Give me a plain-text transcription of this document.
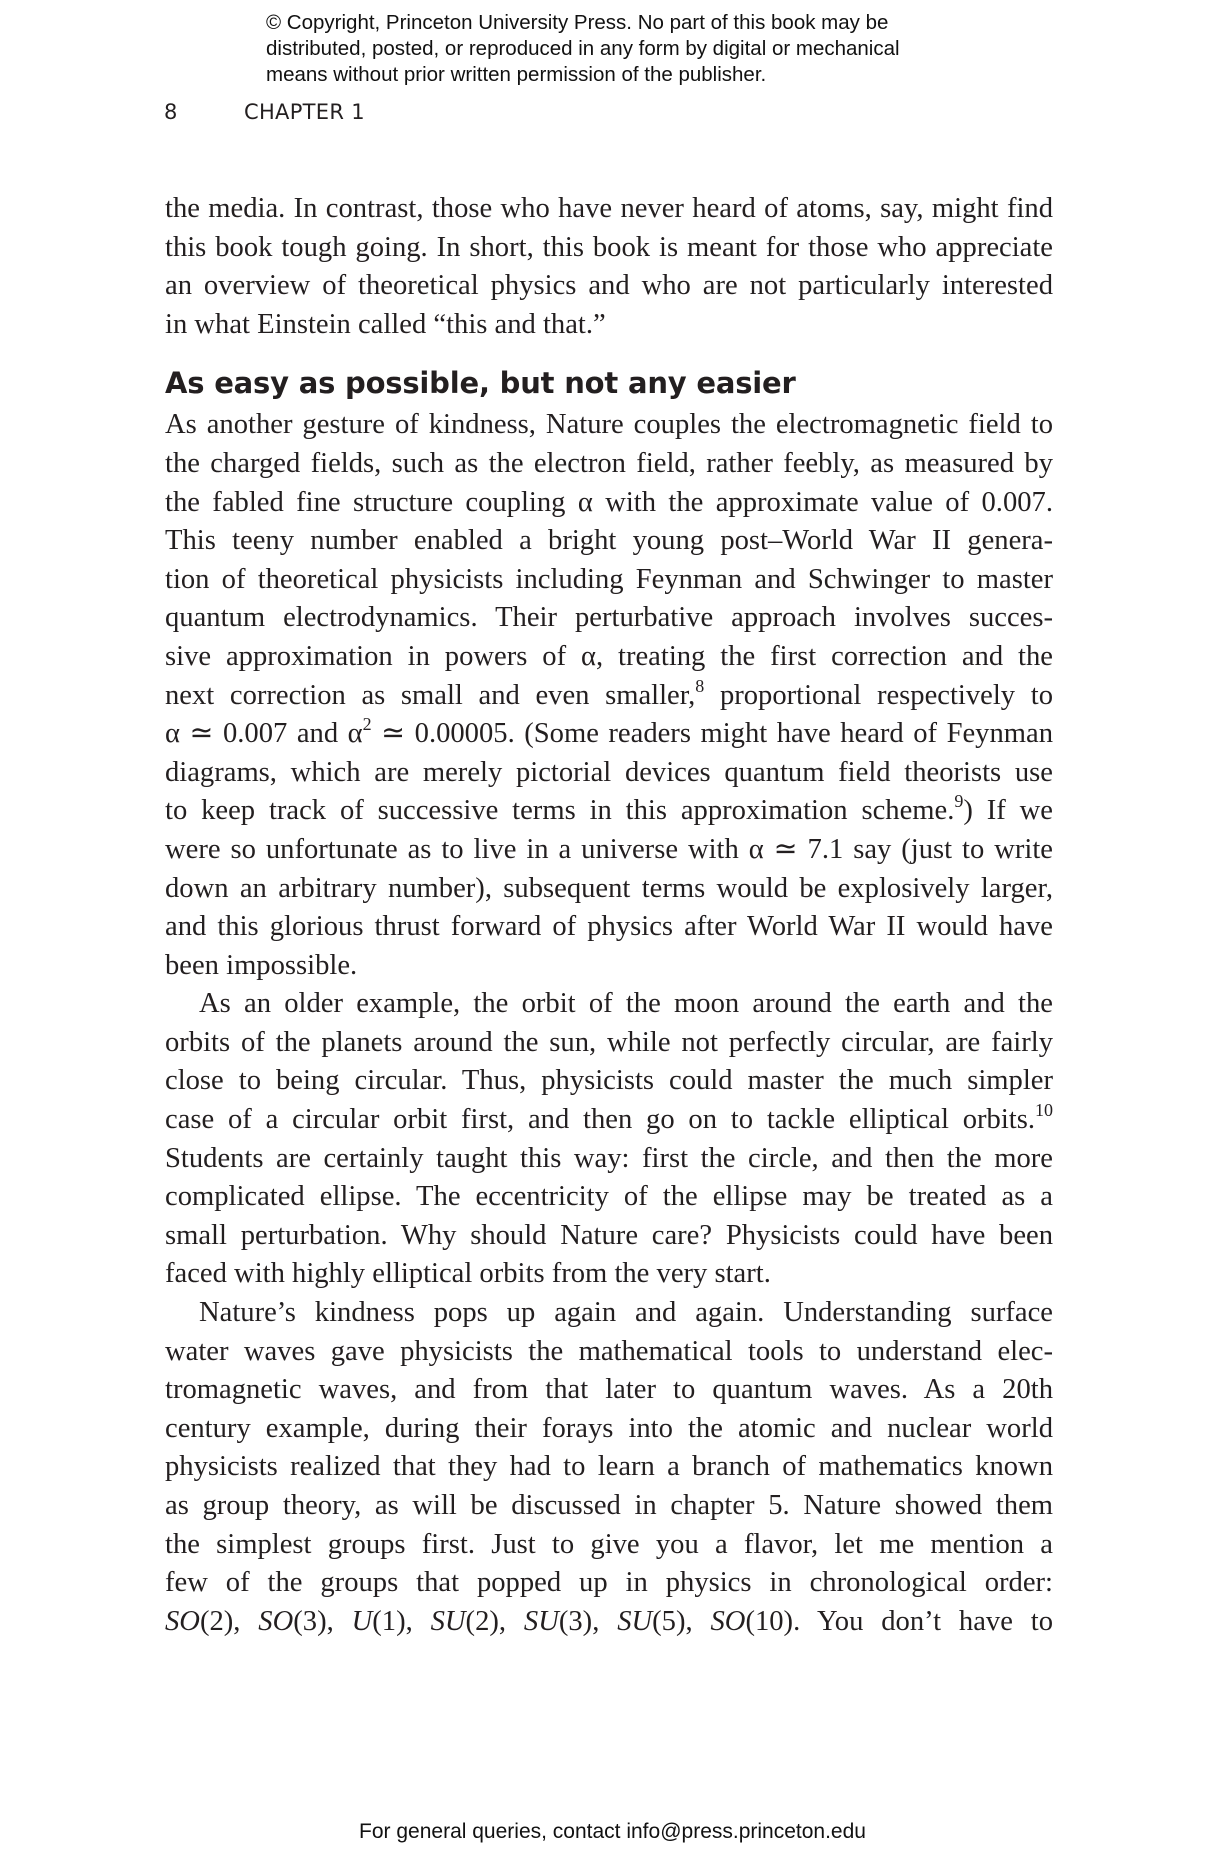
© Copyright, Princeton University Press. No part of this book may be
distributed, posted, or reproduced in any form by digital or mechanical
means without prior written permission of the publisher.
8	CHAPTER 1

the media. In contrast, those who have never heard of atoms, say, might find
this book tough going. In short, this book is meant for those who appreciate
an overview of theoretical physics and who are not particularly interested
in what Einstein called “this and that.”

As easy as possible, but not any easier

As another gesture of kindness, Nature couples the electromagnetic field to
the charged fields, such as the electron field, rather feebly, as measured by
the fabled fine structure coupling α with the approximate value of 0.007.
This teeny number enabled a bright young post–World War II genera-
tion of theoretical physicists including Feynman and Schwinger to master
quantum electrodynamics. Their perturbative approach involves succes-
sive approximation in powers of α, treating the first correction and the
next correction as small and even smaller,$^8$ proportional respectively to
α ≃ 0.007 and $\alpha^2$ ≃ 0.00005. (Some readers might have heard of Feynman
diagrams, which are merely pictorial devices quantum field theorists use
to keep track of successive terms in this approximation scheme.$^9$) If we
were so unfortunate as to live in a universe with α ≃ 7.1 say (just to write
down an arbitrary number), subsequent terms would be explosively larger,
and this glorious thrust forward of physics after World War II would have
been impossible.

As an older example, the orbit of the moon around the earth and the
orbits of the planets around the sun, while not perfectly circular, are fairly
close to being circular. Thus, physicists could master the much simpler
case of a circular orbit first, and then go on to tackle elliptical orbits.$^{10}$
Students are certainly taught this way: first the circle, and then the more
complicated ellipse. The eccentricity of the ellipse may be treated as a
small perturbation. Why should Nature care? Physicists could have been
faced with highly elliptical orbits from the very start.

Nature’s kindness pops up again and again. Understanding surface
water waves gave physicists the mathematical tools to understand elec-
tromagnetic waves, and from that later to quantum waves. As a 20th
century example, during their forays into the atomic and nuclear world
physicists realized that they had to learn a branch of mathematics known
as group theory, as will be discussed in chapter 5. Nature showed them
the simplest groups first. Just to give you a flavor, let me mention a
few of the groups that popped up in physics in chronological order:
SO(2), SO(3), U(1), SU(2), SU(3), SU(5), SO(10). You don’t have to

For general queries, contact info@press.princeton.edu
